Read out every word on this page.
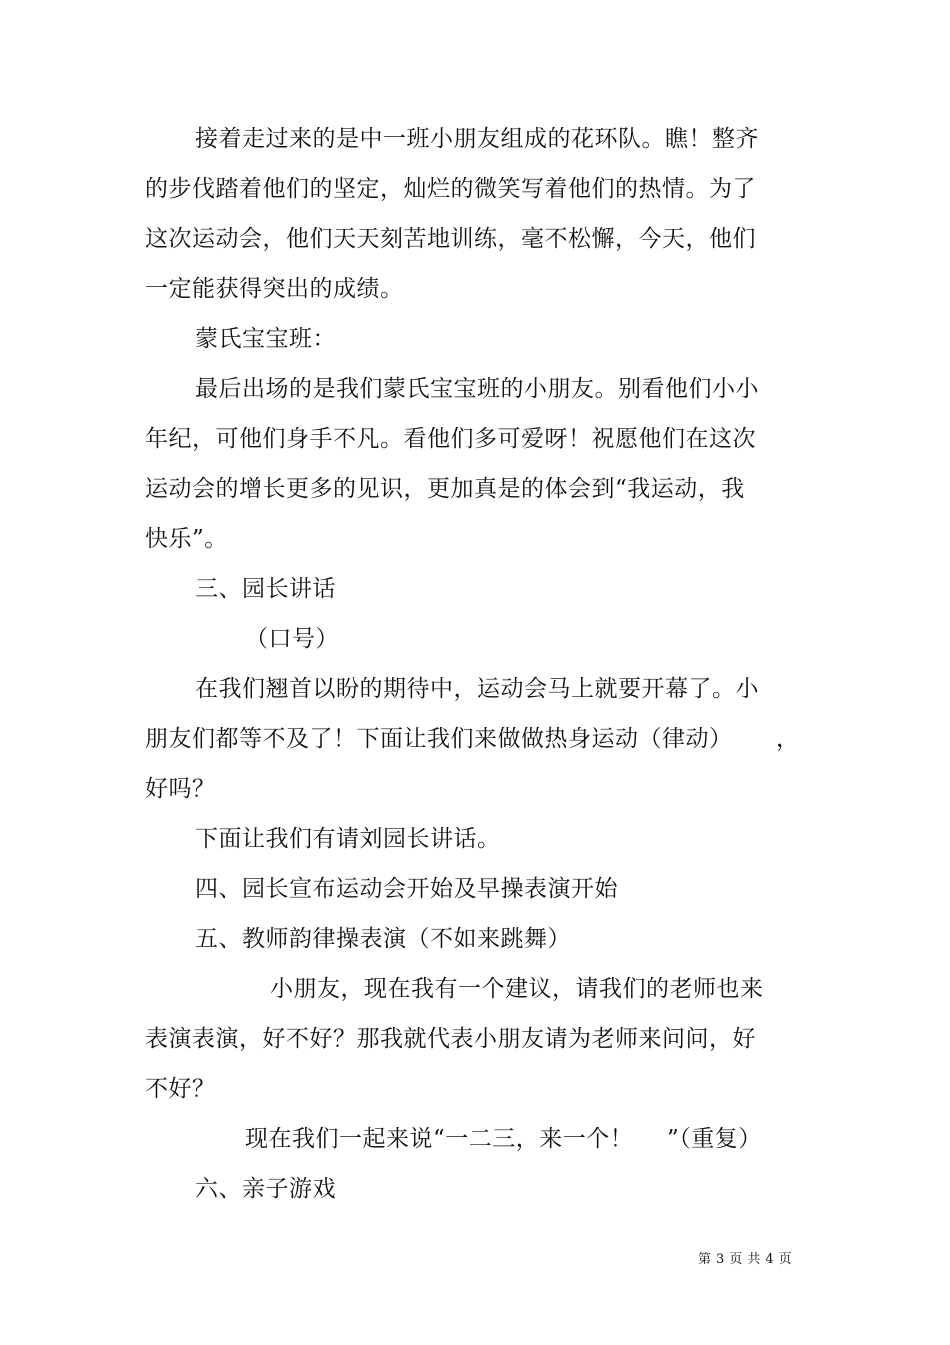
接着走过来的是中一班小朋友组成的花环队。瞧！整齐
的步伐踏着他们的坚定，灿烂的微笑写着他们的热情。为了
这次运动会，他们天天刻苦地训练，毫不松懈，今天，他们
一定能获得突出的成绩。
蒙氏宝宝班：
最后出场的是我们蒙氏宝宝班的小朋友。别看他们小小
年纪，可他们身手不凡。看他们多可爱呀！祝愿他们在这次
运动会的增长更多的见识，更加真是的体会到“我运动，我
快乐”。
三、园长讲话
（口号）
在我们翘首以盼的期待中，运动会马上就要开幕了。小
朋友们都等不及了！下面让我们来做做热身运动（律动） ，
好吗？
下面让我们有请刘园长讲话。
四、园长宣布运动会开始及早操表演开始
五、教师韵律操表演（不如来跳舞）
小朋友，现在我有一个建议，请我们的老师也来
表演表演，好不好？那我就代表小朋友请为老师来问问，好
不好？
现在我们一起来说“一二三，来一个！ ”（重复）
六、亲子游戏
第 3 页 共 4 页
